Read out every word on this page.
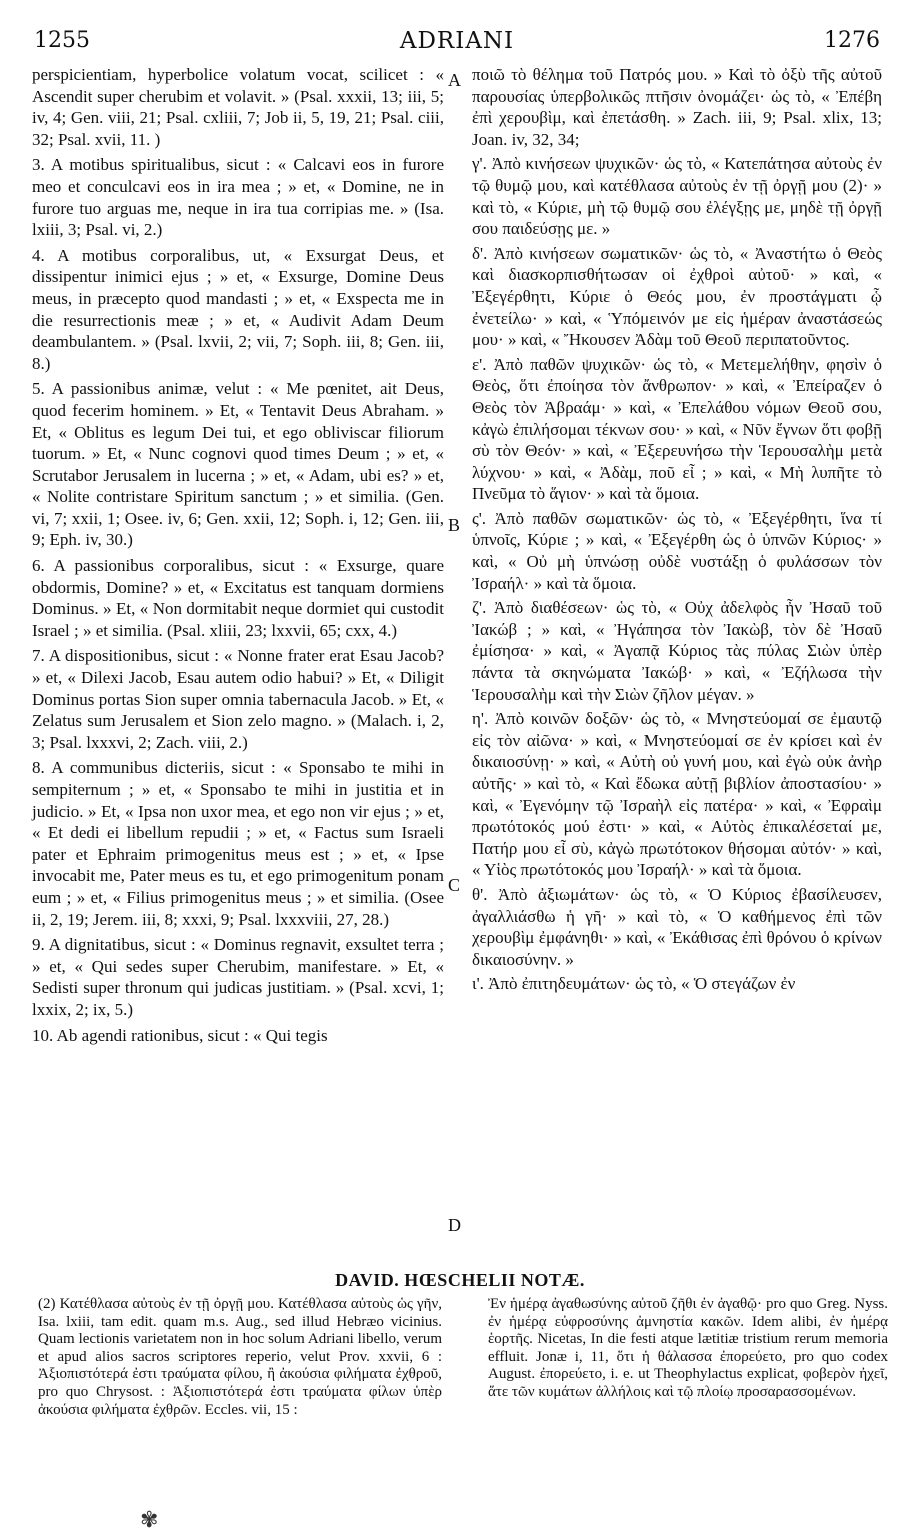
1255	ADRIANI	1276

perspicientiam, hyperbolice volatum vocat, scilicet : « Ascendit super cherubim et volavit. » (Psal. xxxii, 13; iii, 5; iv, 4; Gen. viii, 21; Psal. cxliii, 7; Job ii, 5, 19, 21; Psal. ciii, 32; Psal. xvii, 11. )

3. A motibus spiritualibus, sicut : « Calcavi eos in furore meo et conculcavi eos in ira mea ; » et, « Domine, ne in furore tuo arguas me, neque in ira tua corripias me. » (Isa. lxiii, 3; Psal. vi, 2.)

4. A motibus corporalibus, ut, « Exsurgat Deus, et dissipentur inimici ejus ; » et, « Exsurge, Domine Deus meus, in præcepto quod mandasti ; » et, « Exspecta me in die resurrectionis meæ ; » et, « Audivit Adam Deum deambulantem. » (Psal. lxvii, 2; vii, 7; Soph. iii, 8; Gen. iii, 8.)

5. A passionibus animæ, velut : « Me pœnitet, ait Deus, quod fecerim hominem. » Et, « Tentavit Deus Abraham. » Et, « Oblitus es legum Dei tui, et ego obliviscar filiorum tuorum. » Et, « Nunc cognovi quod times Deum ; » et, « Scrutabor Jerusalem in lucerna ; » et, « Adam, ubi es? » et, « Nolite contristare Spiritum sanctum ; » et similia. (Gen. vi, 7; xxii, 1; Osee. iv, 6; Gen. xxii, 12; Soph. i, 12; Gen. iii, 9; Eph. iv, 30.)

6. A passionibus corporalibus, sicut : « Exsurge, quare obdormis, Domine? » et, « Excitatus est tanquam dormiens Dominus. » Et, « Non dormitabit neque dormiet qui custodit Israel ; » et similia. (Psal. xliii, 23; lxxvii, 65; cxx, 4.)

7. A dispositionibus, sicut : « Nonne frater erat Esau Jacob? » et, « Dilexi Jacob, Esau autem odio habui? » Et, « Diligit Dominus portas Sion super omnia tabernacula Jacob. » Et, « Zelatus sum Jerusalem et Sion zelo magno. » (Malach. i, 2, 3; Psal. lxxxvi, 2; Zach. viii, 2.)

8. A communibus dicteriis, sicut : « Sponsabo te mihi in sempiternum ; » et, « Sponsabo te mihi in justitia et in judicio. » Et, « Ipsa non uxor mea, et ego non vir ejus ; » et, « Et dedi ei libellum repudii ; » et, « Factus sum Israeli pater et Ephraim primogenitus meus est ; » et, « Ipse invocabit me, Pater meus es tu, et ego primogenitum ponam eum ; » et, « Filius primogenitus meus ; » et similia. (Osee ii, 2, 19; Jerem. iii, 8; xxxi, 9; Psal. lxxxviii, 27, 28.)

9. A dignitatibus, sicut : « Dominus regnavit, exsultet terra ; » et, « Qui sedes super Cherubim, manifestare. » Et, « Sedisti super thronum qui judicas justitiam. » (Psal. xcvi, 1; lxxix, 2; ix, 5.)

10. Ab agendi rationibus, sicut : « Qui tegis

A
B
C
D

ποιῶ τὸ θέλημα τοῦ Πατρός μου. » Καὶ τὸ ὀξὺ τῆς αὐτοῦ παρουσίας ὑπερβολικῶς πτῆσιν ὀνομάζει· ὡς τὸ, « Ἐπέβη ἐπὶ χερουβὶμ, καὶ ἐπετάσθη. » Zach. iii, 9; Psal. xlix, 13; Joan. iv, 32, 34;

γ'. Ἀπὸ κινήσεων ψυχικῶν· ὡς τὸ, « Κατεπάτησα αὐτοὺς ἐν τῷ θυμῷ μου, καὶ κατέθλασα αὐτοὺς ἐν τῇ ὀργῇ μου (2)· » καὶ τὸ, « Κύριε, μὴ τῷ θυμῷ σου ἐλέγξῃς με, μηδὲ τῇ ὀργῇ σου παιδεύσῃς με. »

δ'. Ἀπὸ κινήσεων σωματικῶν· ὡς τὸ, « Ἀναστήτω ὁ Θεὸς καὶ διασκορπισθήτωσαν οἱ ἐχθροὶ αὐτοῦ· » καὶ, « Ἐξεγέρθητι, Κύριε ὁ Θεός μου, ἐν προστάγματι ᾧ ἐνετείλω· » καὶ, « Ὑπόμεινόν με εἰς ἡμέραν ἀναστάσεώς μου· » καὶ, « Ἤκουσεν Ἀδὰμ τοῦ Θεοῦ περιπατοῦντος.

ε'. Ἀπὸ παθῶν ψυχικῶν· ὡς τὸ, « Μετεμελήθην, φησὶν ὁ Θεὸς, ὅτι ἐποίησα τὸν ἄνθρωπον· » καὶ, « Ἐπείραζεν ὁ Θεὸς τὸν Ἀβραάμ· » καὶ, « Ἐπελάθου νόμων Θεοῦ σου, κἀγὼ ἐπιλήσομαι τέκνων σου· » καὶ, « Νῦν ἔγνων ὅτι φοβῇ σὺ τὸν Θεόν· » καὶ, « Ἐξερευνήσω τὴν Ἱερουσαλὴμ μετὰ λύχνου· » καὶ, « Ἀδὰμ, ποῦ εἶ ; » καὶ, « Μὴ λυπῆτε τὸ Πνεῦμα τὸ ἅγιον· » καὶ τὰ ὅμοια.

ς'. Ἀπὸ παθῶν σωματικῶν· ὡς τὸ, « Ἐξεγέρθητι, ἵνα τί ὑπνοῖς, Κύριε ; » καὶ, « Ἐξεγέρθη ὡς ὁ ὑπνῶν Κύριος· » καὶ, « Οὐ μὴ ὑπνώσῃ οὐδὲ νυστάξῃ ὁ φυλάσσων τὸν Ἰσραήλ· » καὶ τὰ ὅμοια.

ζ'. Ἀπὸ διαθέσεων· ὡς τὸ, « Οὐχ ἀδελφὸς ἦν Ἠσαῦ τοῦ Ἰακώβ ; » καὶ, « Ἠγάπησα τὸν Ἰακὼβ, τὸν δὲ Ἠσαῦ ἐμίσησα· » καὶ, « Ἀγαπᾷ Κύριος τὰς πύλας Σιὼν ὑπὲρ πάντα τὰ σκηνώματα Ἰακώβ· » καὶ, « Ἐζήλωσα τὴν Ἱερουσαλὴμ καὶ τὴν Σιὼν ζῆλον μέγαν. »

η'. Ἀπὸ κοινῶν δοξῶν· ὡς τὸ, « Μνηστεύομαί σε ἐμαυτῷ εἰς τὸν αἰῶνα· » καὶ, « Μνηστεύομαί σε ἐν κρίσει καὶ ἐν δικαιοσύνῃ· » καὶ, « Αὐτὴ οὐ γυνή μου, καὶ ἐγὼ οὐκ ἀνὴρ αὐτῆς· » καὶ τὸ, « Καὶ ἔδωκα αὐτῇ βιβλίον ἀποστασίου· » καὶ, « Ἐγενόμην τῷ Ἰσραὴλ εἰς πατέρα· » καὶ, « Ἐφραὶμ πρωτότοκός μού ἐστι· » καὶ, « Αὐτὸς ἐπικαλέσεταί με, Πατήρ μου εἶ σὺ, κἀγὼ πρωτότοκον θήσομαι αὐτόν· » καὶ, « Υἱὸς πρωτότοκός μου Ἰσραήλ· » καὶ τὰ ὅμοια.

θ'. Ἀπὸ ἀξιωμάτων· ὡς τὸ, « Ὁ Κύριος ἐβασίλευσεν, ἀγαλλιάσθω ἡ γῆ· » καὶ τὸ, « Ὁ καθήμενος ἐπὶ τῶν χερουβὶμ ἐμφάνηθι· » καὶ, « Ἐκάθισας ἐπὶ θρόνου ὁ κρίνων δικαιοσύνην. »

ι'. Ἀπὸ ἐπιτηδευμάτων· ὡς τὸ, « Ὁ στεγάζων ἐν

DAVID. HŒSCHELII NOTÆ.
(2) Κατέθλασα αὐτοὺς ἐν τῇ ὀργῇ μου. Κατέθλασα αὐτοὺς ὡς γῆν, Isa. lxiii, tam edit. quam m.s. Aug., sed illud Hebræo vicinius. Quam lectionis varietatem non in hoc solum Adriani libello, verum et apud alios sacros scriptores reperio, velut Prov. xxvii, 6 : Ἀξιοπιστότερά ἐστι τραύματα φίλου, ἢ ἀκούσια φιλήματα ἐχθροῦ, pro quo Chrysost. : Ἀξιοπιστότερά ἐστι τραύματα φίλων ὑπὲρ ἀκούσια φιλήματα ἐχθρῶν. Eccles. vii, 15 :
Ἐν ἡμέρᾳ ἀγαθωσύνης αὐτοῦ ζῆθι ἐν ἀγαθῷ· pro quo Greg. Nyss. ἐν ἡμέρᾳ εὐφροσύνης ἀμνηστία κακῶν. Idem alibi, ἐν ἡμέρᾳ ἑορτῆς. Nicetas, In die festi atque lætitiæ tristium rerum memoria effluit. Jonæ i, 11, ὅτι ἡ θάλασσα ἐπορεύετο, pro quo codex August. ἐπορεύετο, i. e. ut Theophylactus explicat, φοβερὸν ἠχεῖ, ἅτε τῶν κυμάτων ἀλλήλοις καὶ τῷ πλοίῳ προσαρασσομένων.
✾
